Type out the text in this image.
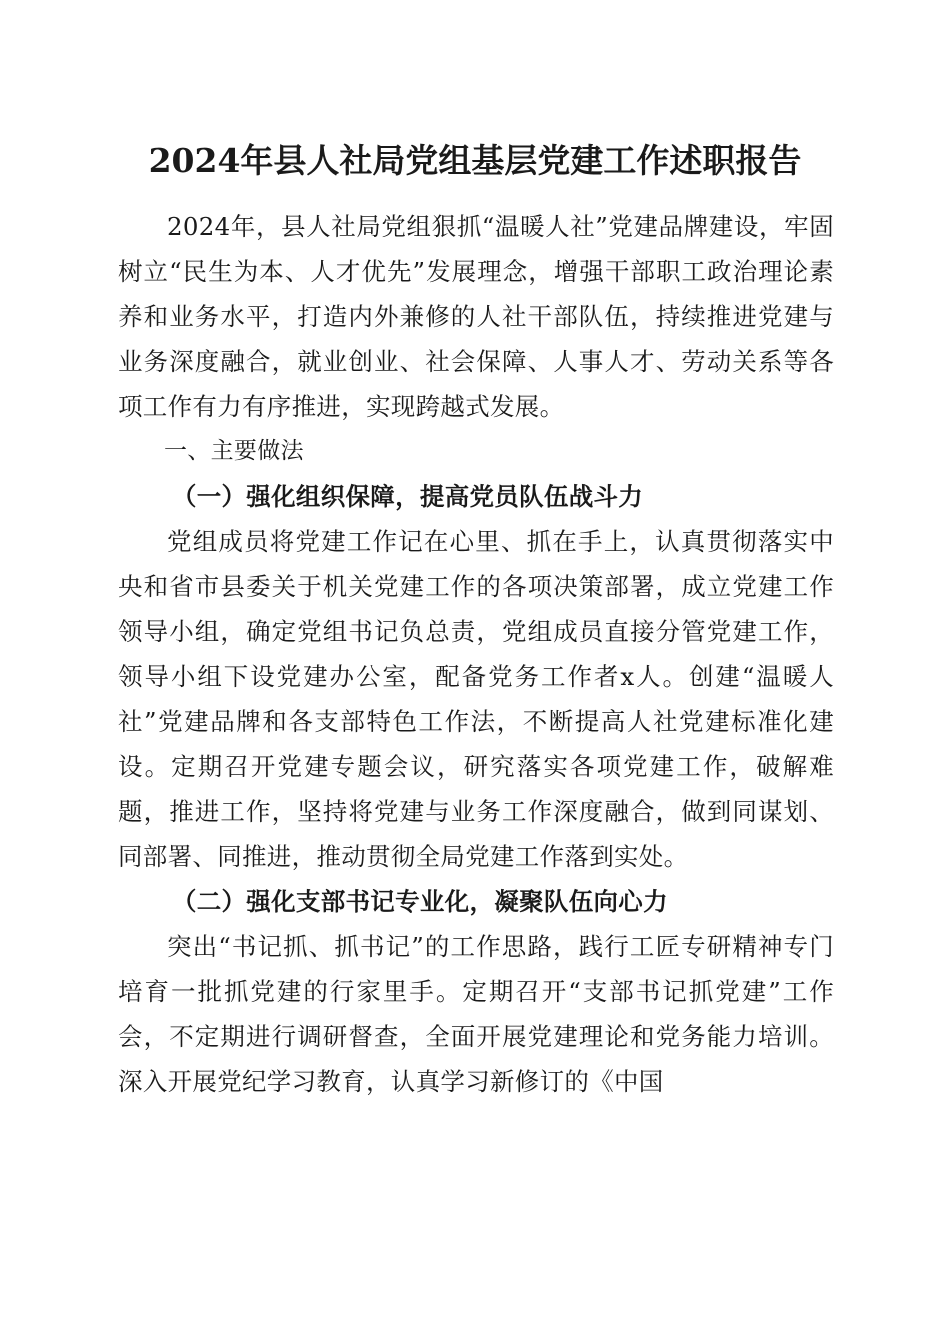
2024年县人社局党组基层党建工作述职报告

2024年，县人社局党组狠抓“温暖人社”党建品牌建设，牢固树立“民生为本、人才优先”发展理念，增强干部职工政治理论素养和业务水平，打造内外兼修的人社干部队伍，持续推进党建与业务深度融合，就业创业、社会保障、人事人才、劳动关系等各项工作有力有序推进，实现跨越式发展。

一、主要做法

（一）强化组织保障，提高党员队伍战斗力

党组成员将党建工作记在心里、抓在手上，认真贯彻落实中央和省市县委关于机关党建工作的各项决策部署，成立党建工作领导小组，确定党组书记负总责，党组成员直接分管党建工作，领导小组下设党建办公室，配备党务工作者x人。创建“温暖人社”党建品牌和各支部特色工作法，不断提高人社党建标准化建设。定期召开党建专题会议，研究落实各项党建工作，破解难题，推进工作，坚持将党建与业务工作深度融合，做到同谋划、同部署、同推进，推动贯彻全局党建工作落到实处。

（二）强化支部书记专业化，凝聚队伍向心力

突出“书记抓、抓书记”的工作思路，践行工匠专研精神专门培育一批抓党建的行家里手。定期召开“支部书记抓党建”工作会，不定期进行调研督查，全面开展党建理论和党务能力培训。深入开展党纪学习教育，认真学习新修订的《中国
